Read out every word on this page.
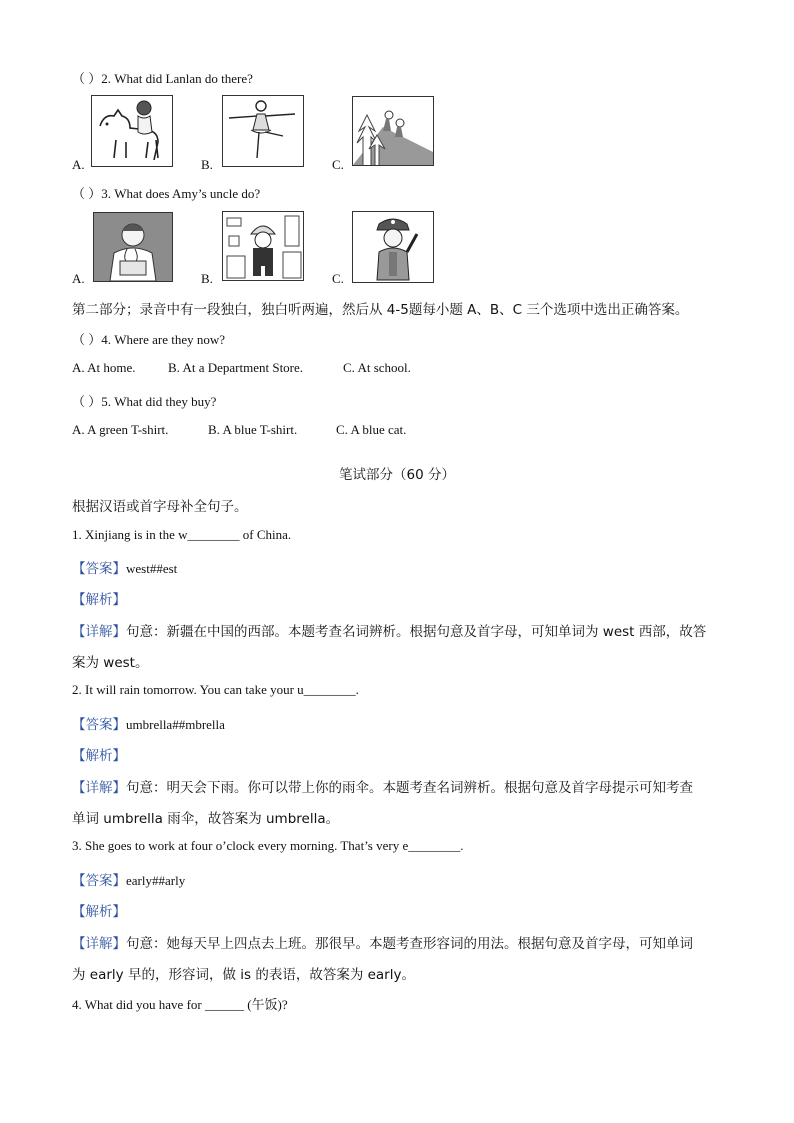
（ ）2. What did Lanlan do there?
A.	B.	C.
（ ）3. What does Amy’s uncle do?
A.	B.	C.
第二部分；录音中有一段独白，独白听两遍，然后从 4-5题每小题 A、B、C 三个选项中选出正确答案。
（ ）4. Where are they now?
A. At home. B. At a Department Store.	C. At school.
（ ）5. What did they buy?
A. A green T-shirt.	B. A blue T-shirt.	C. A blue cat.
笔试部分（60 分）
根据汉语或首字母补全句子。
1. Xinjiang is in the w________ of China.
【答案】west##est
【解析】
【详解】句意：新疆在中国的西部。本题考查名词辨析。根据句意及首字母，可知单词为 west 西部，故答
案为 west。
2. It will rain tomorrow. You can take your u________.
【答案】umbrella##mbrella
【解析】
【详解】句意：明天会下雨。你可以带上你的雨伞。本题考查名词辨析。根据句意及首字母提示可知考查
单词 umbrella 雨伞，故答案为 umbrella。
3. She goes to work at four o’clock every morning. That’s very e________.
【答案】early##arly
【解析】
【详解】句意：她每天早上四点去上班。那很早。本题考查形容词的用法。根据句意及首字母，可知单词
为 early 早的，形容词，做 is 的表语，故答案为 early。
4. What did you have for ______ (午饭)?
